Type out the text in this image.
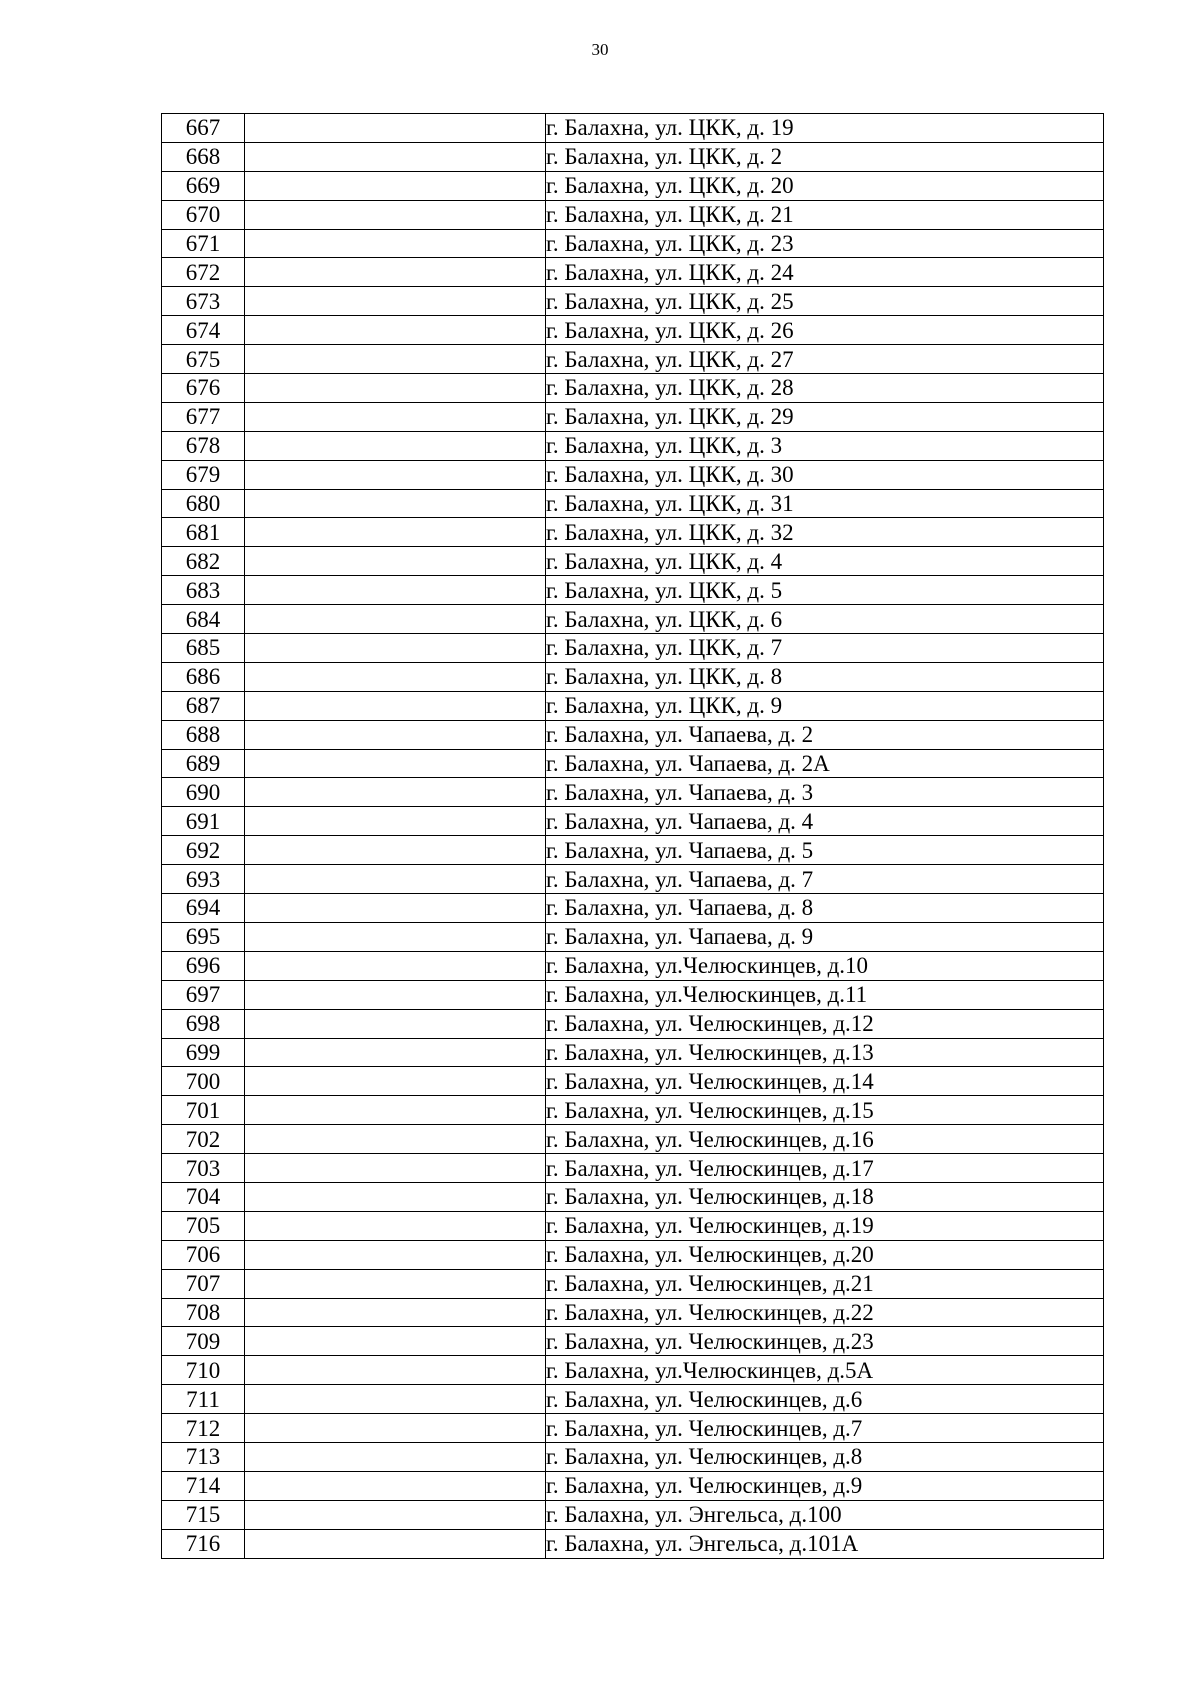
30
667		г. Балахна, ул. ЦКК, д. 19
668		г. Балахна, ул. ЦКК, д. 2
669		г. Балахна, ул. ЦКК, д. 20
670		г. Балахна, ул. ЦКК, д. 21
671		г. Балахна, ул. ЦКК, д. 23
672		г. Балахна, ул. ЦКК, д. 24
673		г. Балахна, ул. ЦКК, д. 25
674		г. Балахна, ул. ЦКК, д. 26
675		г. Балахна, ул. ЦКК, д. 27
676		г. Балахна, ул. ЦКК, д. 28
677		г. Балахна, ул. ЦКК, д. 29
678		г. Балахна, ул. ЦКК, д. 3
679		г. Балахна, ул. ЦКК, д. 30
680		г. Балахна, ул. ЦКК, д. 31
681		г. Балахна, ул. ЦКК, д. 32
682		г. Балахна, ул. ЦКК, д. 4
683		г. Балахна, ул. ЦКК, д. 5
684		г. Балахна, ул. ЦКК, д. 6
685		г. Балахна, ул. ЦКК, д. 7
686		г. Балахна, ул. ЦКК, д. 8
687		г. Балахна, ул. ЦКК, д. 9
688		г. Балахна, ул. Чапаева, д. 2
689		г. Балахна, ул. Чапаева, д. 2А
690		г. Балахна, ул. Чапаева, д. 3
691		г. Балахна, ул. Чапаева, д. 4
692		г. Балахна, ул. Чапаева, д. 5
693		г. Балахна, ул. Чапаева, д. 7
694		г. Балахна, ул. Чапаева, д. 8
695		г. Балахна, ул. Чапаева, д. 9
696		г. Балахна, ул.Челюскинцев, д.10
697		г. Балахна, ул.Челюскинцев, д.11
698		г. Балахна, ул. Челюскинцев, д.12
699		г. Балахна, ул. Челюскинцев, д.13
700		г. Балахна, ул. Челюскинцев, д.14
701		г. Балахна, ул. Челюскинцев, д.15
702		г. Балахна, ул. Челюскинцев, д.16
703		г. Балахна, ул. Челюскинцев, д.17
704		г. Балахна, ул. Челюскинцев, д.18
705		г. Балахна, ул. Челюскинцев, д.19
706		г. Балахна, ул. Челюскинцев, д.20
707		г. Балахна, ул. Челюскинцев, д.21
708		г. Балахна, ул. Челюскинцев, д.22
709		г. Балахна, ул. Челюскинцев, д.23
710		г. Балахна, ул.Челюскинцев, д.5А
711		г. Балахна, ул. Челюскинцев, д.6
712		г. Балахна, ул. Челюскинцев, д.7
713		г. Балахна, ул. Челюскинцев, д.8
714		г. Балахна, ул. Челюскинцев, д.9
715		г. Балахна, ул. Энгельса, д.100
716		г. Балахна, ул. Энгельса, д.101А
